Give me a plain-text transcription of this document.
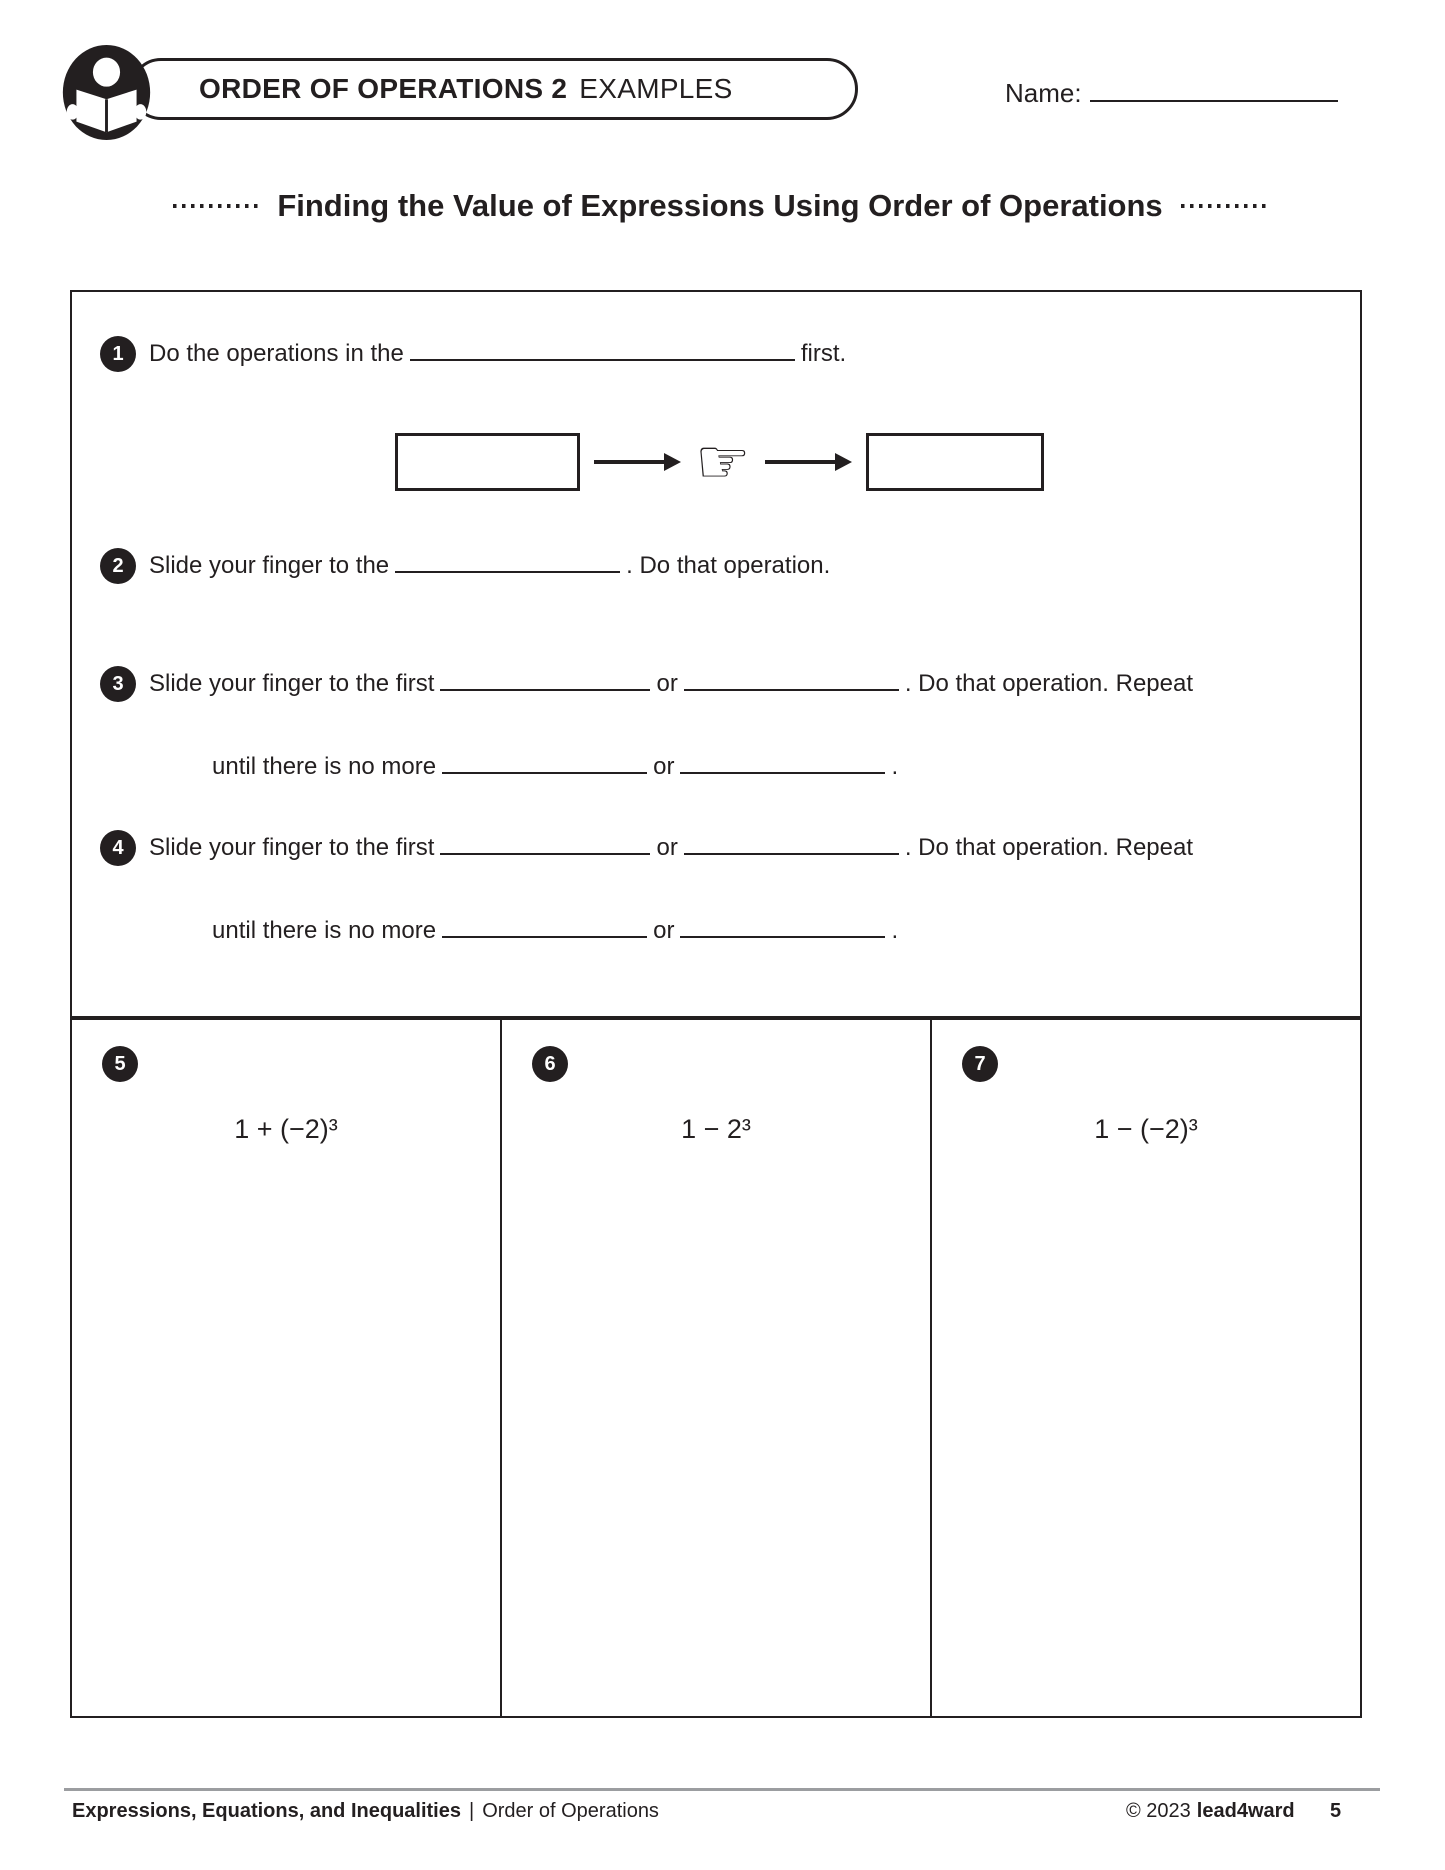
ORDER OF OPERATIONS 2 EXAMPLES	Name:
Finding the Value of Expressions Using Order of Operations
1	Do the operations in the	first.
☞
2	Slide your finger to the	. Do that operation.
3	Slide your finger to the first	or	. Do that operation. Repeat
until there is no more	or	.
4	Slide your finger to the first	or	. Do that operation. Repeat
until there is no more	or	.
5
1 + (−2)³
6
1 − 2³
7
1 − (−2)³
Expressions, Equations, and Inequalities | Order of Operations	© 2023 lead4ward 5
